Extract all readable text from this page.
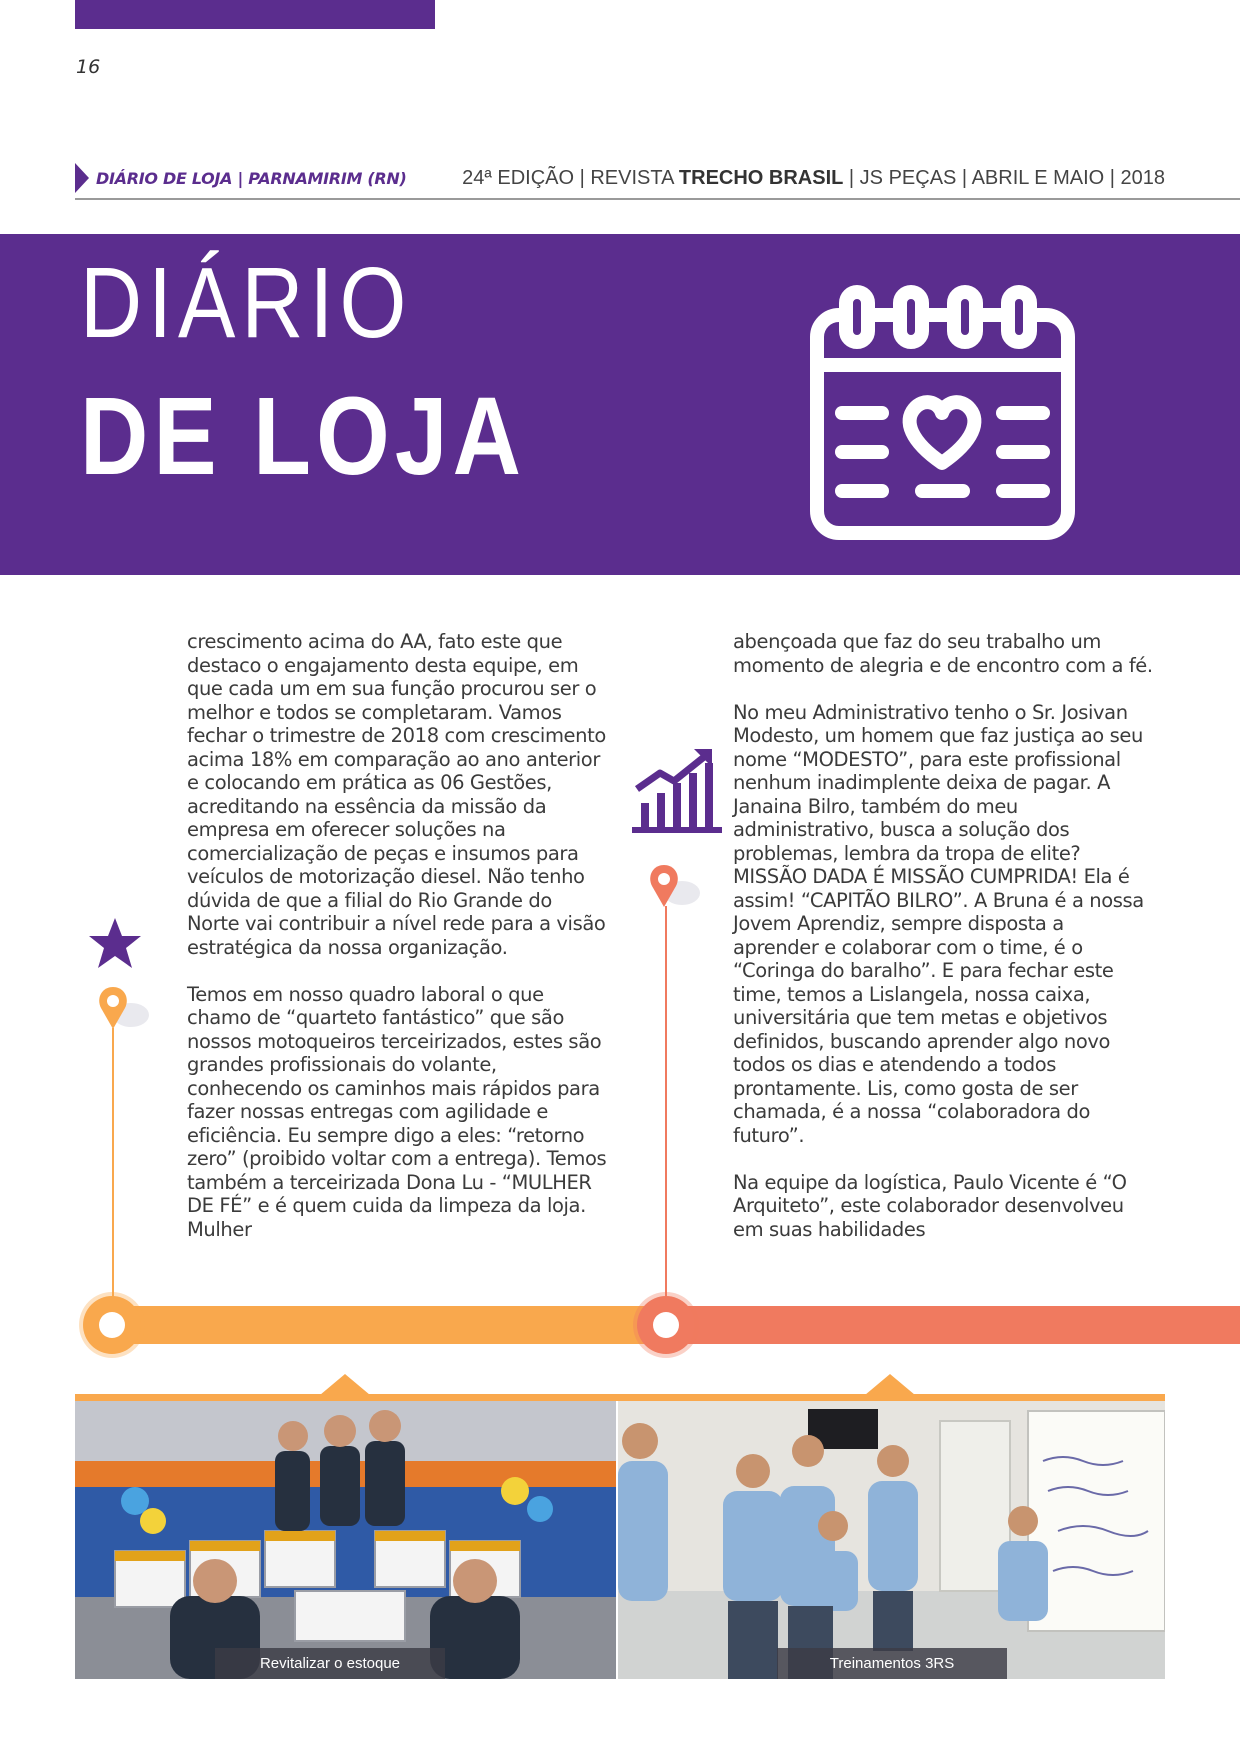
16
DIÁRIO DE LOJA | PARNAMIRIM (RN)	24ª EDIÇÃO | REVISTA TRECHO BRASIL | JS PEÇAS | ABRIL E MAIO | 2018
DIÁRIO
DE LOJA

crescimento acima do AA, fato este que destaco o engajamento desta equipe, em que cada um em sua função procurou ser o melhor e todos se completaram. Vamos fechar o trimestre de 2018 com crescimento acima 18% em comparação ao ano anterior e colocando em prática as 06 Gestões, acreditando na essência da missão da empresa em oferecer soluções na comercialização de peças e insumos para veículos de motorização diesel. Não tenho dúvida de que a filial do Rio Grande do Norte vai contribuir a nível rede para a visão estratégica da nossa organização.

Temos em nosso quadro laboral o que chamo de “quarteto fantástico” que são nossos motoqueiros terceirizados, estes são grandes profissionais do volante, conhecendo os caminhos mais rápidos para fazer nossas entregas com agilidade e eficiência. Eu sempre digo a eles: “retorno zero” (proibido voltar com a entrega). Temos também a terceirizada Dona Lu - “MULHER DE FÉ” e é quem cuida da limpeza da loja. Mulher

abençoada que faz do seu trabalho um momento de alegria e de encontro com a fé.

No meu Administrativo tenho o Sr. Josivan Modesto, um homem que faz justiça ao seu nome “MODESTO”, para este profissional nenhum inadimplente deixa de pagar. A Janaina Bilro, também do meu administrativo, busca a solução dos problemas, lembra da tropa de elite? MISSÃO DADA É MISSÃO CUMPRIDA! Ela é assim! “CAPITÃO BILRO”. A Bruna é a nossa Jovem Aprendiz, sempre disposta a aprender e colaborar com o time, é o “Coringa do baralho”. E para fechar este time, temos a Lislangela, nossa caixa, universitária que tem metas e objetivos definidos, buscando aprender algo novo todos os dias e atendendo a todos prontamente. Lis, como gosta de ser chamada, é a nossa “colaboradora do futuro”.

Na equipe da logística, Paulo Vicente é “O Arquiteto”, este colaborador desenvolveu em suas habilidades

Revitalizar o estoque	Treinamentos 3RS
